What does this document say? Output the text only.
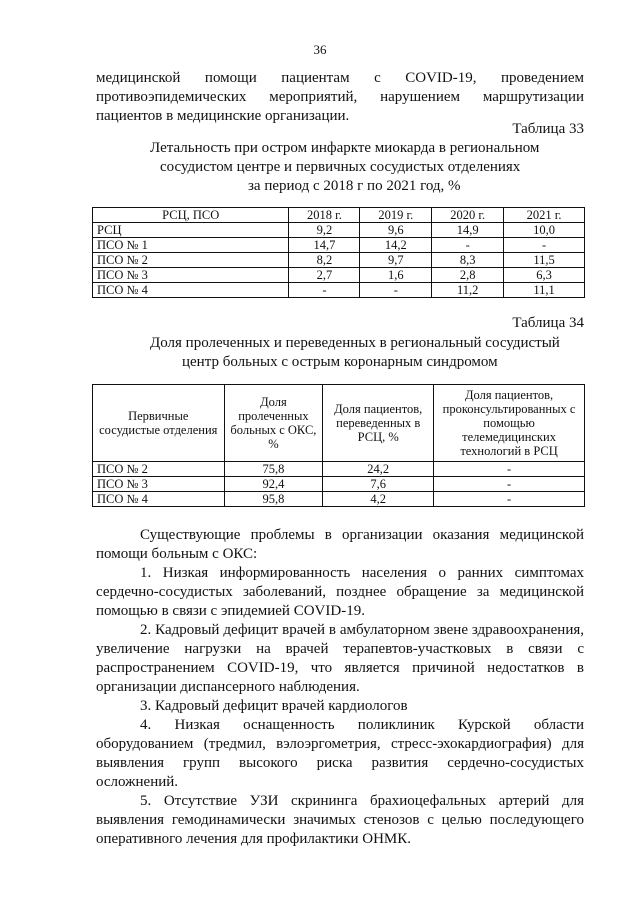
36
медицинской помощи пациентам с COVID-19, проведением
противоэпидемических мероприятий, нарушением маршрутизации
пациентов в медицинские организации.
Таблица 33
Летальность при остром инфаркте миокарда в региональном
сосудистом центре и первичных сосудистых отделениях
за период с 2018 г по 2021 год, %
РСЦ, ПСО	2018 г.	2019 г.	2020 г.	2021 г.
РСЦ	9,2	9,6	14,9	10,0
ПСО № 1	14,7	14,2	-	-
ПСО № 2	8,2	9,7	8,3	11,5
ПСО № 3	2,7	1,6	2,8	6,3
ПСО № 4	-	-	11,2	11,1
Таблица 34
Доля пролеченных и переведенных в региональный сосудистый
центр больных с острым коронарным синдромом
Первичные сосудистые отделения	Доля пролеченных больных с ОКС, %	Доля пациентов, переведенных в РСЦ, %	Доля пациентов, проконсультированных с помощью телемедицинских технологий в РСЦ
ПСО № 2	75,8	24,2	-
ПСО № 3	92,4	7,6	-
ПСО № 4	95,8	4,2	-
Существующие проблемы в организации оказания медицинской
помощи больным с ОКС:
1. Низкая информированность населения о ранних симптомах
сердечно-сосудистых заболеваний, позднее обращение за медицинской
помощью в связи с эпидемией COVID-19.
2. Кадровый дефицит врачей в амбулаторном звене здравоохранения,
увеличение нагрузки на врачей терапевтов-участковых в связи с
распространением COVID-19, что является причиной недостатков в
организации диспансерного наблюдения.
3. Кадровый дефицит врачей кардиологов
4. Низкая оснащенность поликлиник Курской области
оборудованием (тредмил, вэлоэргометрия, стресс-эхокардиография) для
выявления групп высокого риска развития сердечно-сосудистых
осложнений.
5. Отсутствие УЗИ скрининга брахиоцефальных артерий для
выявления гемодинамически значимых стенозов с целью последующего
оперативного лечения для профилактики ОНМК.
